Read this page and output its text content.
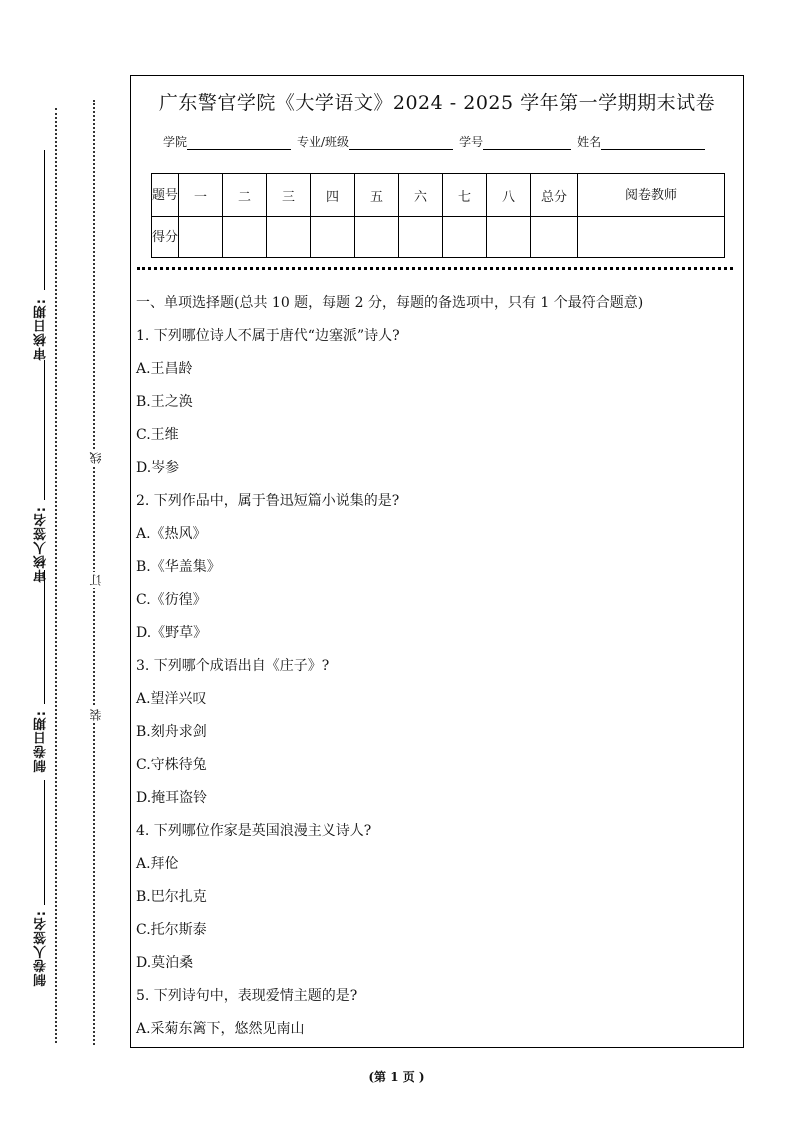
审核日期:
审核人签名:
制卷日期:
制卷人签名:
线
订
装
广东警官学院《大学语文》2024 - 2025 学年第一学期期末试卷
学院	专业/班级	学号	姓名
题号	一	二	三	四	五	六	七	八	总分	阅卷教师
得分										
一、单项选择题(总共 10 题，每题 2 分，每题的备选项中，只有 1 个最符合题意)
1. 下列哪位诗人不属于唐代“边塞派”诗人?
A.王昌龄
B.王之涣
C.王维
D.岑参
2. 下列作品中，属于鲁迅短篇小说集的是?
A.《热风》
B.《华盖集》
C.《彷徨》
D.《野草》
3. 下列哪个成语出自《庄子》?
A.望洋兴叹
B.刻舟求剑
C.守株待兔
D.掩耳盗铃
4. 下列哪位作家是英国浪漫主义诗人?
A.拜伦
B.巴尔扎克
C.托尔斯泰
D.莫泊桑
5. 下列诗句中，表现爱情主题的是?
A.采菊东篱下，悠然见南山
(第 1 页 )
